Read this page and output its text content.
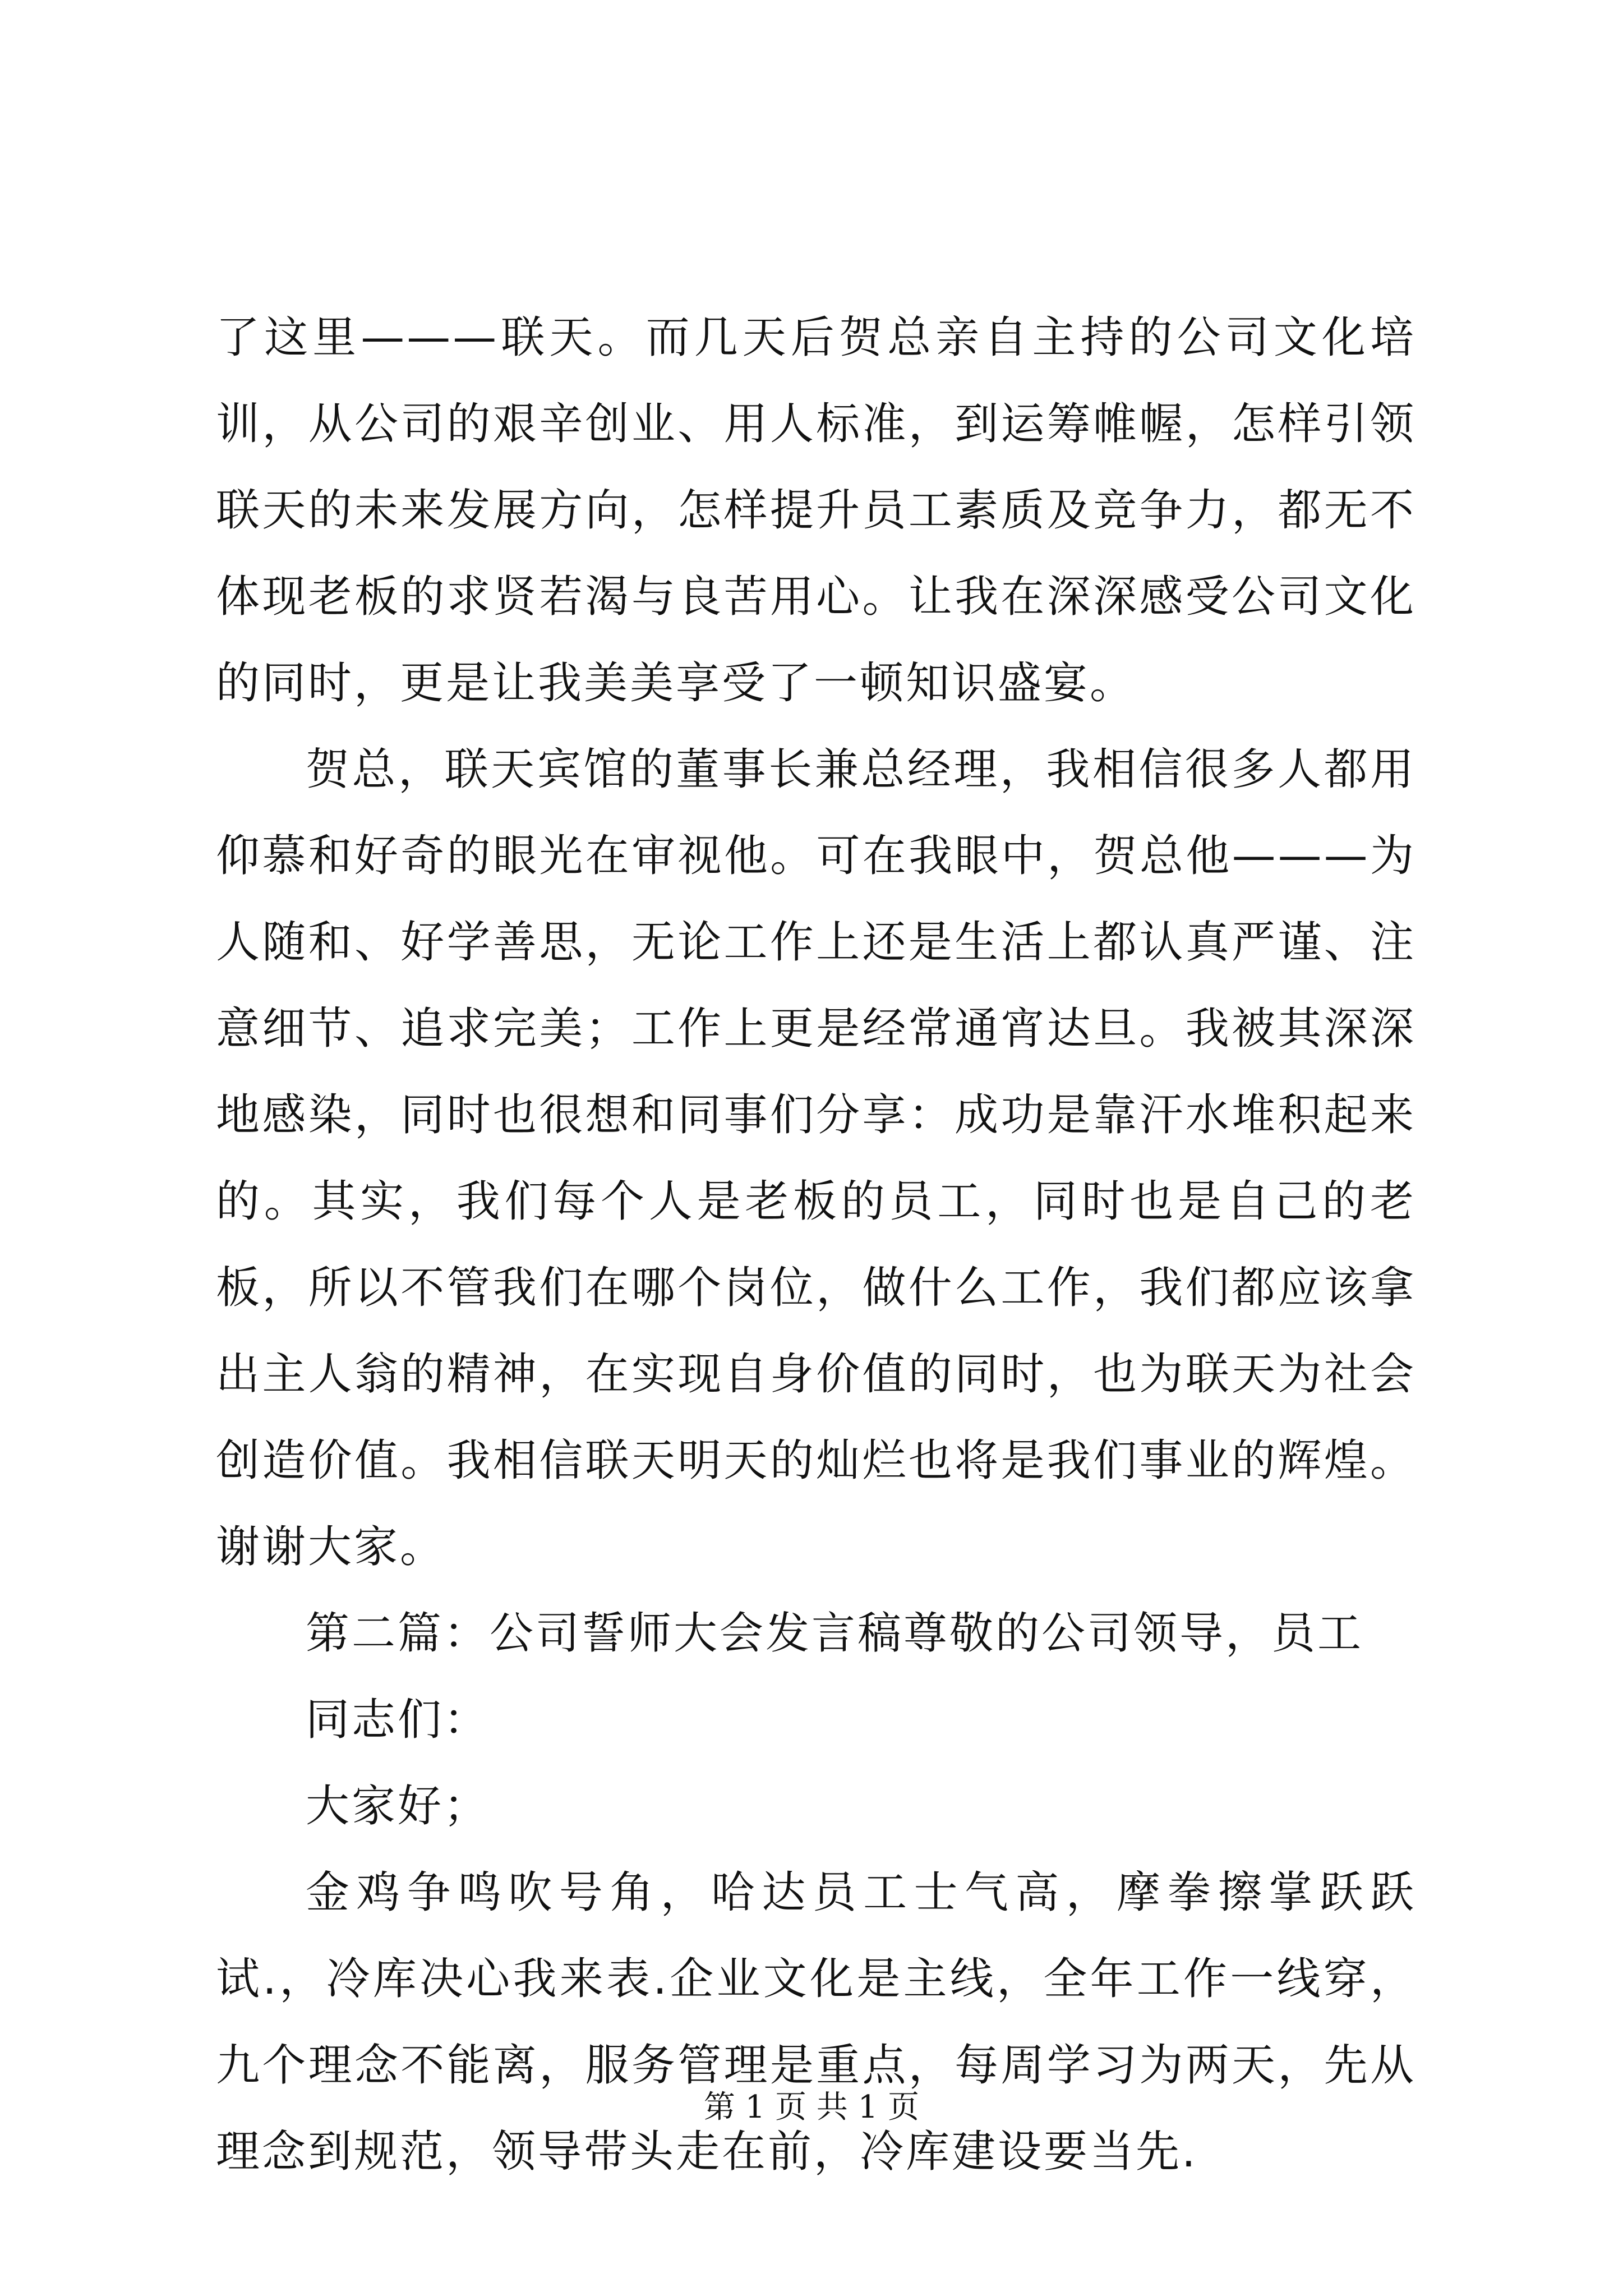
了这里———联天。而几天后贺总亲自主持的公司文化培训，从公司的艰辛创业、用人标准，到运筹帷幄，怎样引领联天的未来发展方向，怎样提升员工素质及竞争力，都无不体现老板的求贤若渴与良苦用心。让我在深深感受公司文化的同时，更是让我美美享受了一顿知识盛宴。

贺总，联天宾馆的董事长兼总经理，我相信很多人都用仰慕和好奇的眼光在审视他。可在我眼中，贺总他———为人随和、好学善思，无论工作上还是生活上都认真严谨、注意细节、追求完美；工作上更是经常通宵达旦。我被其深深地感染，同时也很想和同事们分享：成功是靠汗水堆积起来的。其实，我们每个人是老板的员工，同时也是自己的老板，所以不管我们在哪个岗位，做什么工作，我们都应该拿出主人翁的精神，在实现自身价值的同时，也为联天为社会创造价值。我相信联天明天的灿烂也将是我们事业的辉煌。谢谢大家。

第二篇：公司誓师大会发言稿尊敬的公司领导，员工

同志们：

大家好；

金鸡争鸣吹号角，哈达员工士气高，摩拳擦掌跃跃试.，冷库决心我来表.企业文化是主线，全年工作一线穿，九个理念不能离，服务管理是重点，每周学习为两天，先从理念到规范，领导带头走在前，冷库建设要当先.

第 1 页 共 1 页
